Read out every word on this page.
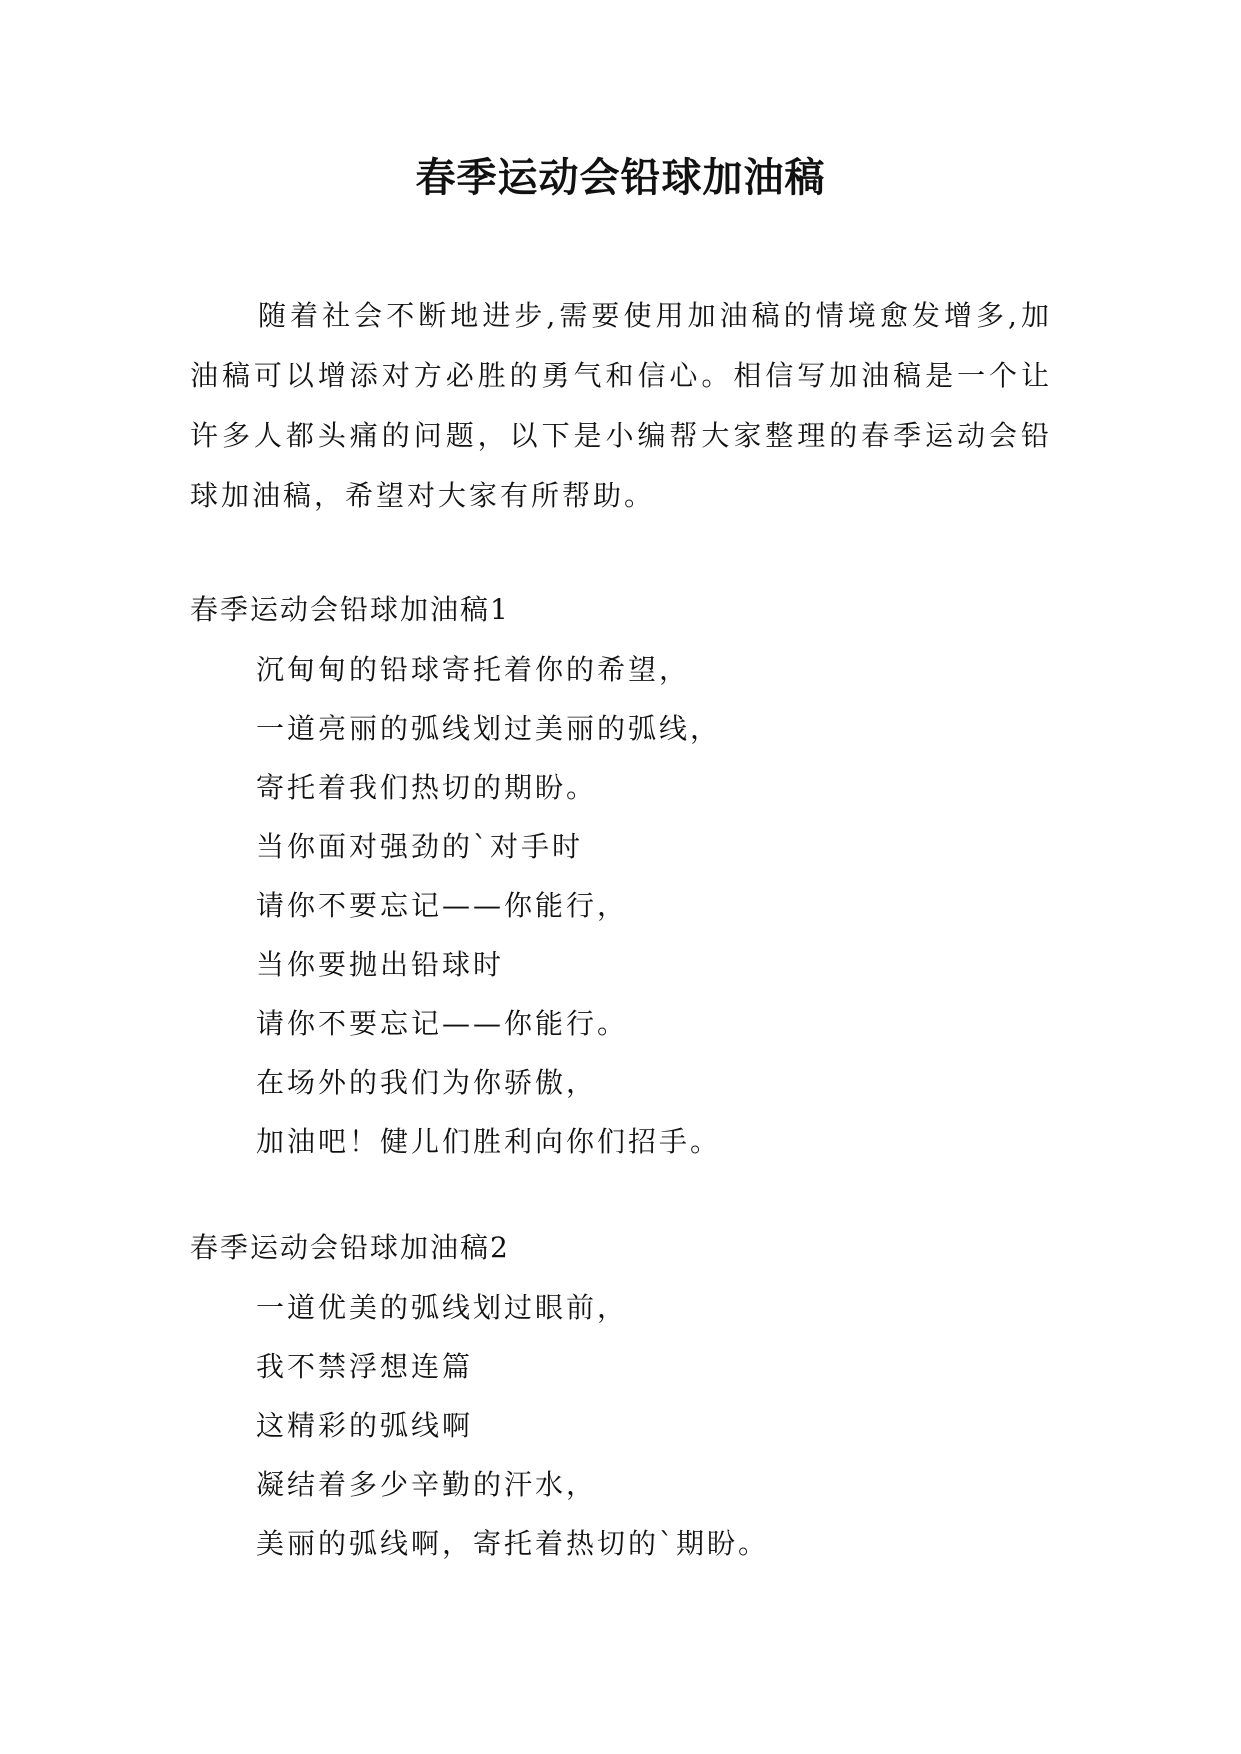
春季运动会铅球加油稿

随着社会不断地进步,需要使用加油稿的情境愈发增多,加油稿可以增添对方必胜的勇气和信心。相信写加油稿是一个让许多人都头痛的问题，以下是小编帮大家整理的春季运动会铅球加油稿，希望对大家有所帮助。

春季运动会铅球加油稿1
沉甸甸的铅球寄托着你的希望，
一道亮丽的弧线划过美丽的弧线，
寄托着我们热切的期盼。
当你面对强劲的`对手时
请你不要忘记——你能行，
当你要抛出铅球时
请你不要忘记——你能行。
在场外的我们为你骄傲，
加油吧！健儿们胜利向你们招手。
春季运动会铅球加油稿2
一道优美的弧线划过眼前，
我不禁浮想连篇
这精彩的弧线啊
凝结着多少辛勤的汗水，
美丽的弧线啊，寄托着热切的`期盼。
